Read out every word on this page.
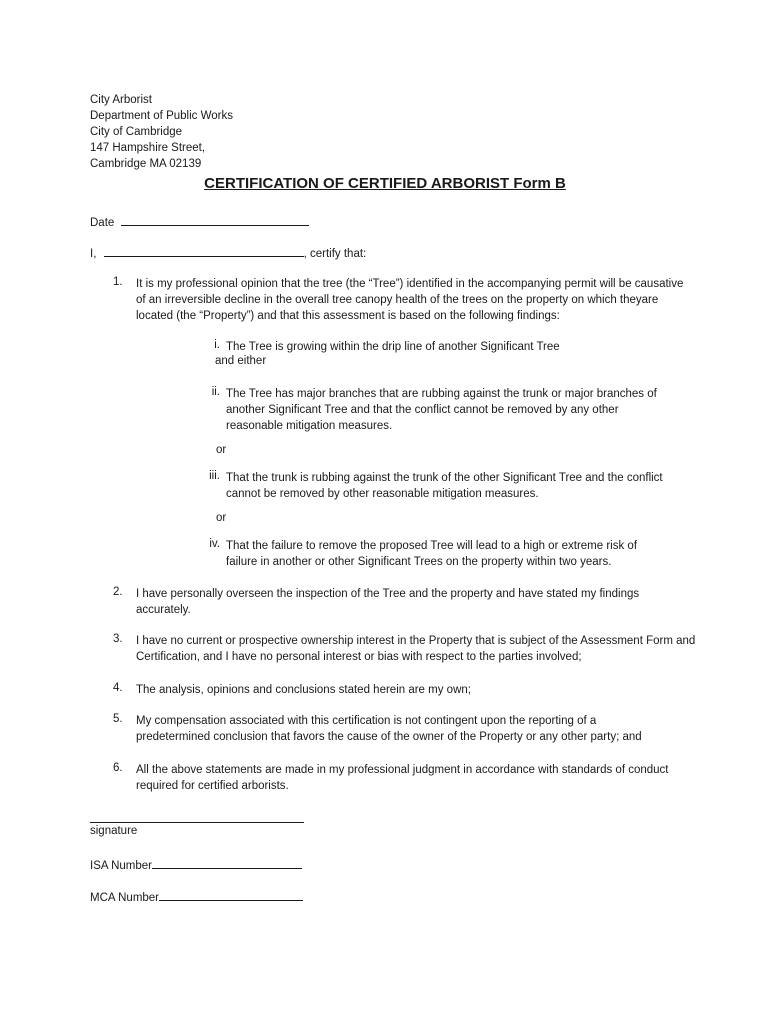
City Arborist
Department of Public Works
City of Cambridge
147 Hampshire Street,
Cambridge MA 02139
CERTIFICATION OF CERTIFIED ARBORIST Form B
Date
I,	, certify that:
1. It is my professional opinion that the tree (the “Tree”) identified in the accompanying permit will be causative of an irreversible decline in the overall tree canopy health of the trees on the property on which theyare located (the “Property”) and that this assessment is based on the following findings:
i. The Tree is growing within the drip line of another Significant Tree
and either
ii. The Tree has major branches that are rubbing against the trunk or major branches of another Significant Tree and that the conflict cannot be removed by any other reasonable mitigation measures.
or
iii. That the trunk is rubbing against the trunk of the other Significant Tree and the conflict cannot be removed by other reasonable mitigation measures.
or
iv. That the failure to remove the proposed Tree will lead to a high or extreme risk of failure in another or other Significant Trees on the property within two years.
2. I have personally overseen the inspection of the Tree and the property and have stated my findings accurately.
3. I have no current or prospective ownership interest in the Property that is subject of the Assessment Form and Certification, and I have no personal interest or bias with respect to the parties involved;
4. The analysis, opinions and conclusions stated herein are my own;
5. My compensation associated with this certification is not contingent upon the reporting of a predetermined conclusion that favors the cause of the owner of the Property or any other party; and
6. All the above statements are made in my professional judgment in accordance with standards of conduct required for certified arborists.
signature
ISA Number
MCA Number
